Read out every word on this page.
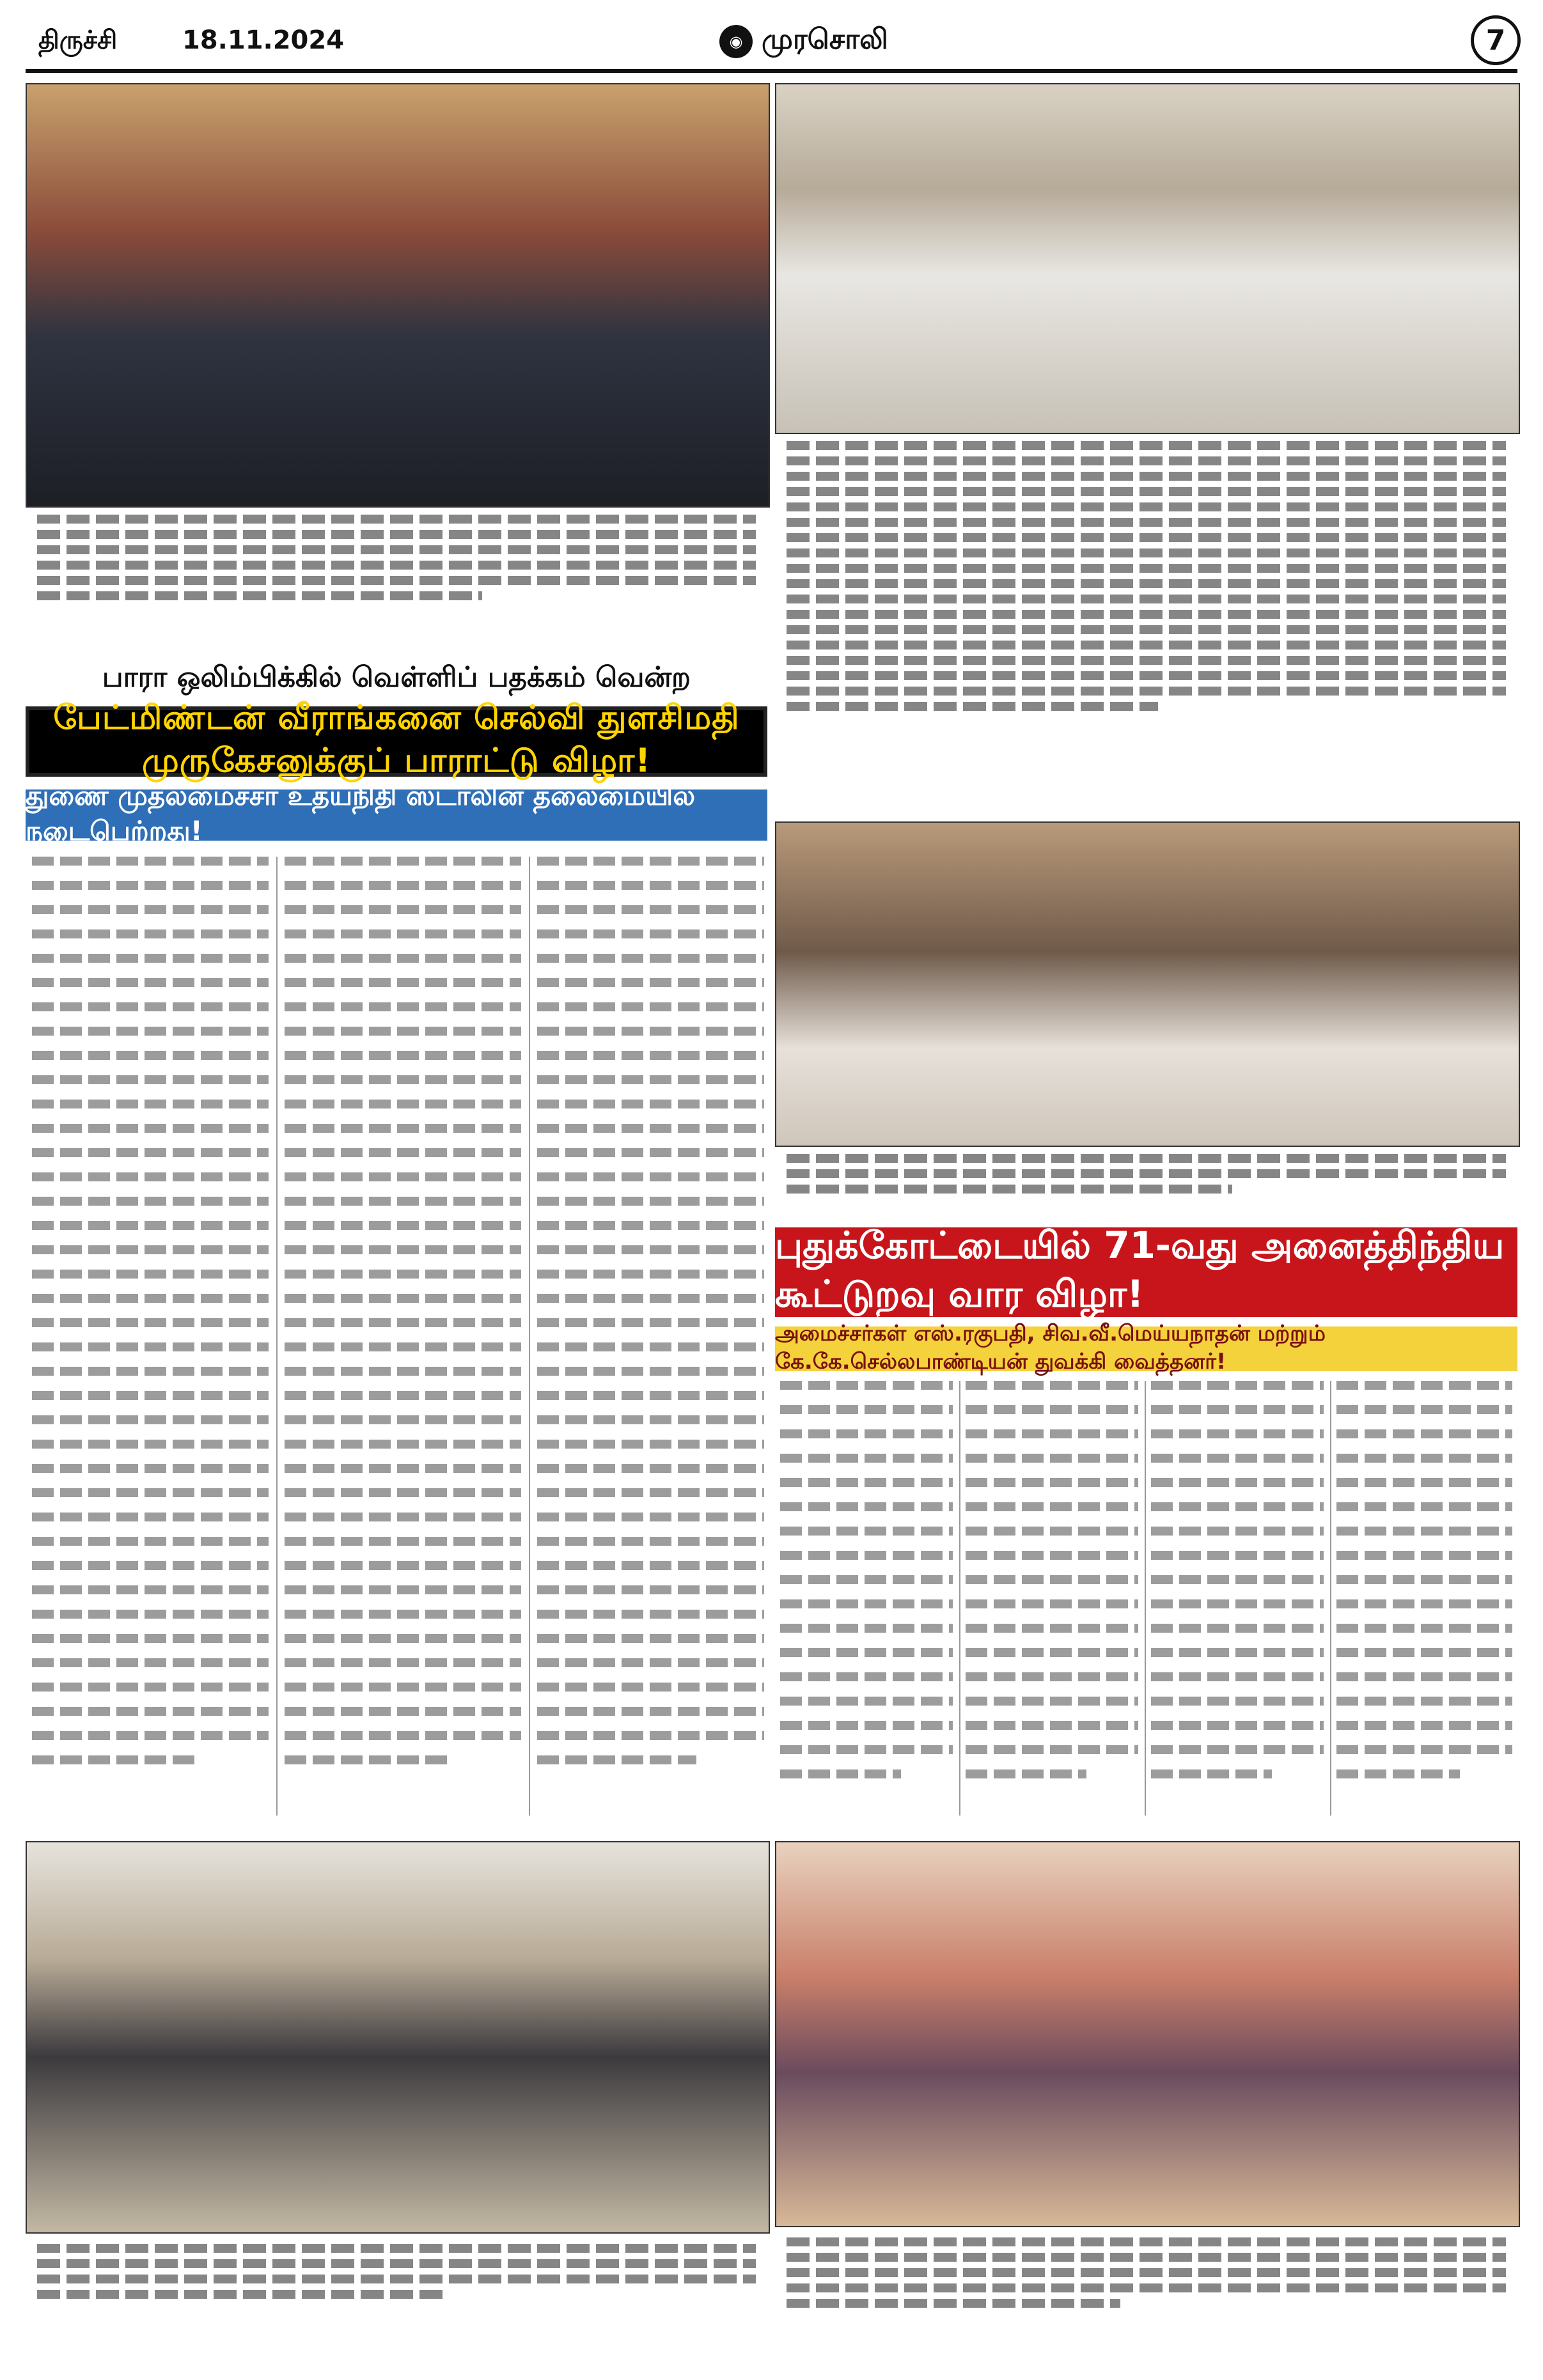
திருச்சி	18.11.2024	◉ முரசொலி	7
பாரா ஒலிம்பிக்கில் வெள்ளிப் பதக்கம் வென்ற
பேட்மிண்டன் வீராங்கனை செல்வி துளசிமதி முருகேசனுக்குப் பாராட்டு விழா!
துணை முதலமைச்சர் உதயநிதி ஸ்டாலின் தலைமையில் நடைபெற்றது!
புதுக்கோட்டையில் 71-வது அனைத்திந்திய கூட்டுறவு வார விழா!
அமைச்சர்கள் எஸ்.ரகுபதி, சிவ.வீ.மெய்யநாதன் மற்றும் கே.கே.செல்லபாண்டியன் துவக்கி வைத்தனர்!
